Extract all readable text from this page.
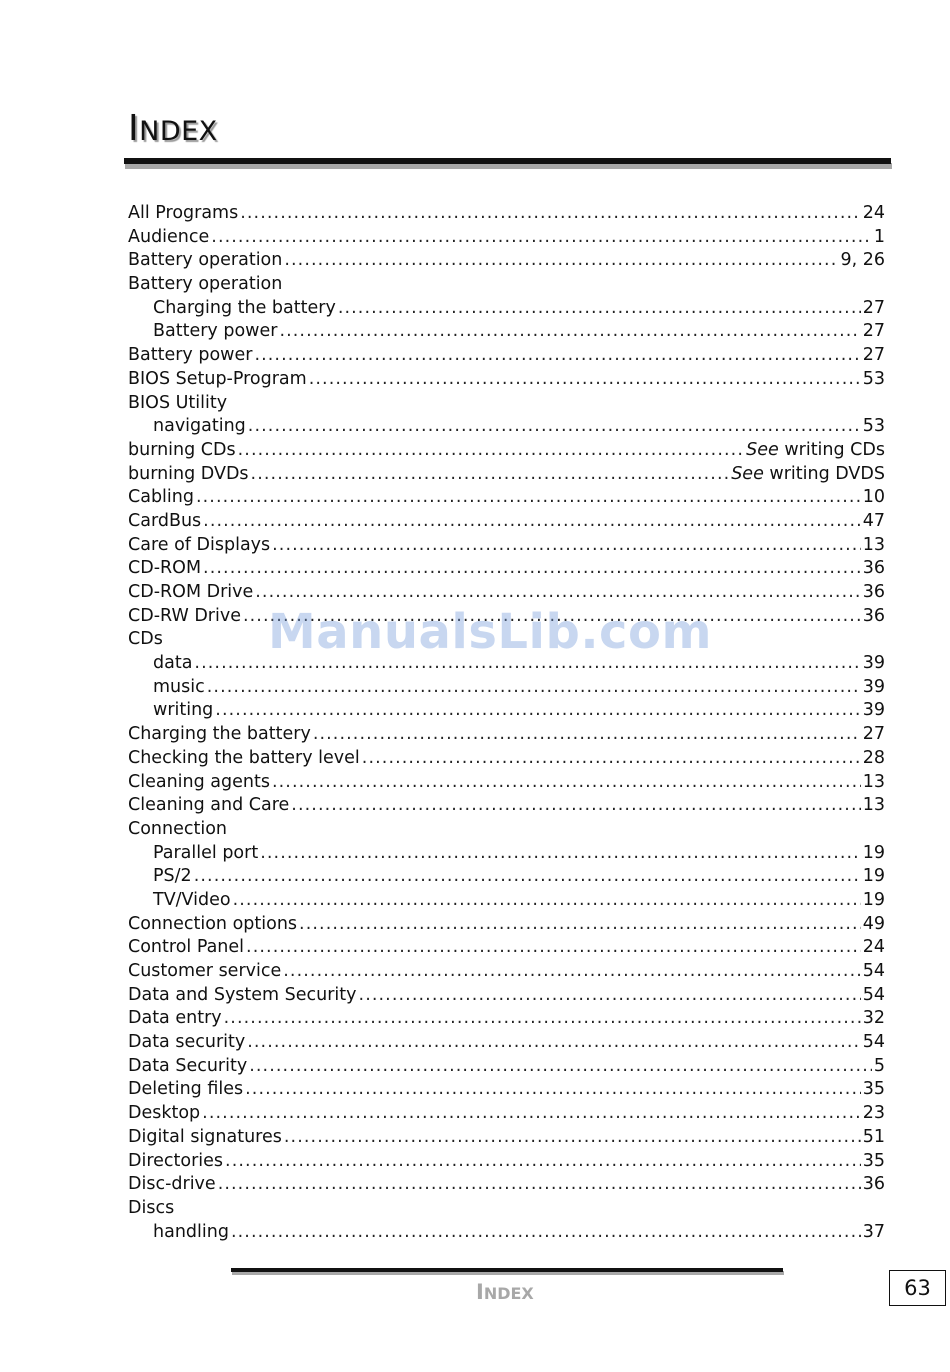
INDEX
All Programs .....	24
Audience .....	1
Battery operation .....	9, 26
Battery operation
Charging the battery .....	27
Battery power .....	27
Battery power .....	27
BIOS Setup-Program .....	53
BIOS Utility
navigating .....	53
burning CDs .....	See writing CDs
burning DVDs .....	See writing DVDS
Cabling .....	10
CardBus .....	47
Care of Displays .....	13
CD-ROM .....	36
CD-ROM Drive .....	36
CD-RW Drive .....	36
CDs
data .....	39
music .....	39
writing .....	39
Charging the battery .....	27
Checking the battery level .....	28
Cleaning agents .....	13
Cleaning and Care .....	13
Connection
Parallel port .....	19
PS/2 .....	19
TV/Video .....	19
Connection options .....	49
Control Panel .....	24
Customer service .....	54
Data and System Security .....	54
Data entry .....	32
Data security .....	54
Data Security .....	5
Deleting files .....	35
Desktop .....	23
Digital signatures .....	51
Directories .....	35
Disc-drive .....	36
Discs
handling .....	37
ManualsLib.com
INDEX	63
